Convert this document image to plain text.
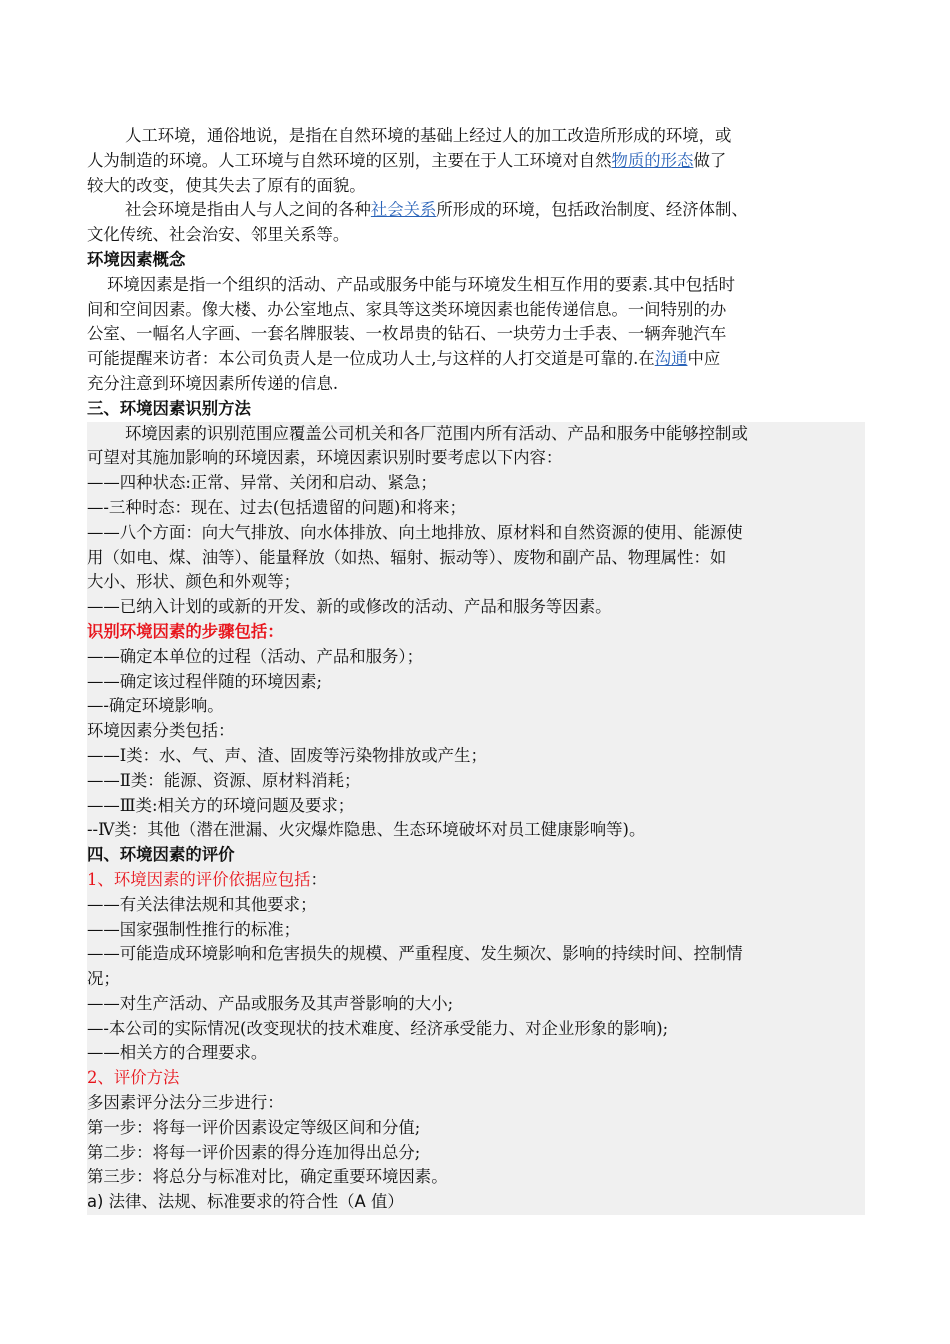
人工环境，通俗地说，是指在自然环境的基础上经过人的加工改造所形成的环境，或
人为制造的环境。人工环境与自然环境的区别，主要在于人工环境对自然物质的形态做了
较大的改变，使其失去了原有的面貌。
社会环境是指由人与人之间的各种社会关系所形成的环境，包括政治制度、经济体制、
文化传统、社会治安、邻里关系等。
环境因素概念
环境因素是指一个组织的活动、产品或服务中能与环境发生相互作用的要素.其中包括时
间和空间因素。像大楼、办公室地点、家具等这类环境因素也能传递信息。一间特别的办
公室、一幅名人字画、一套名牌服装、一枚昂贵的钻石、一块劳力士手表、一辆奔驰汽车
可能提醒来访者：本公司负责人是一位成功人士,与这样的人打交道是可靠的.在沟通中应
充分注意到环境因素所传递的信息.
三、环境因素识别方法
环境因素的识别范围应覆盖公司机关和各厂范围内所有活动、产品和服务中能够控制或
可望对其施加影响的环境因素，环境因素识别时要考虑以下内容：
——四种状态:正常、异常、关闭和启动、紧急；
—-三种时态：现在、过去(包括遗留的问题)和将来；
——八个方面：向大气排放、向水体排放、向土地排放、原材料和自然资源的使用、能源使
用（如电、煤、油等）、能量释放（如热、辐射、振动等）、废物和副产品、物理属性：如
大小、形状、颜色和外观等；
——已纳入计划的或新的开发、新的或修改的活动、产品和服务等因素。
识别环境因素的步骤包括：
——确定本单位的过程（活动、产品和服务）；
——确定该过程伴随的环境因素;
—-确定环境影响。
环境因素分类包括：
——Ⅰ类：水、气、声、渣、固废等污染物排放或产生；
——Ⅱ类：能源、资源、原材料消耗；
——Ⅲ类:相关方的环境问题及要求；
--Ⅳ类：其他（潜在泄漏、火灾爆炸隐患、生态环境破坏对员工健康影响等)。
四、环境因素的评价
1、环境因素的评价依据应包括：
——有关法律法规和其他要求；
——国家强制性推行的标准；
——可能造成环境影响和危害损失的规模、严重程度、发生频次、影响的持续时间、控制情
况；
——对生产活动、产品或服务及其声誉影响的大小;
—-本公司的实际情况(改变现状的技术难度、经济承受能力、对企业形象的影响);
——相关方的合理要求。
2、评价方法
多因素评分法分三步进行：
第一步：将每一评价因素设定等级区间和分值;
第二步：将每一评价因素的得分连加得出总分;
第三步：将总分与标准对比，确定重要环境因素。
a) 法律、法规、标准要求的符合性（A 值）
